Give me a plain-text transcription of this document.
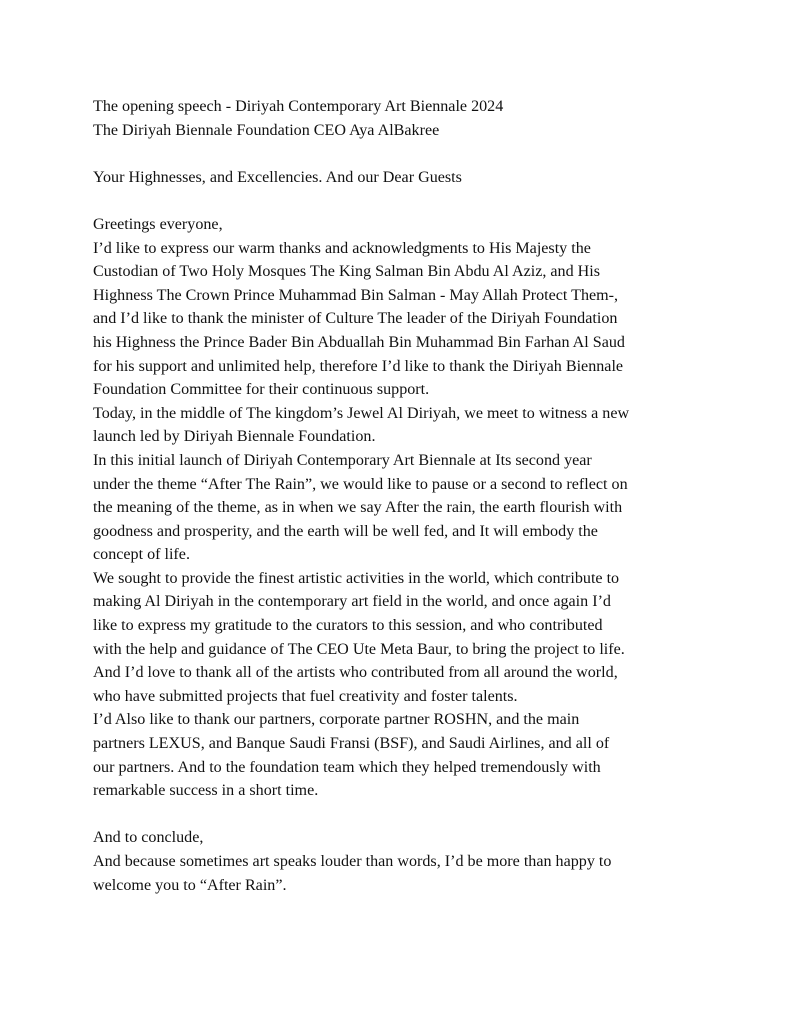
The opening speech - Diriyah Contemporary Art Biennale 2024
The Diriyah Biennale Foundation CEO Aya AlBakree
Your Highnesses, and Excellencies. And our Dear Guests
Greetings everyone,
I’d like to express our warm thanks and acknowledgments to His Majesty the
Custodian of Two Holy Mosques The King Salman Bin Abdu Al Aziz, and His
Highness The Crown Prince Muhammad Bin Salman - May Allah Protect Them-,
and I’d like to thank the minister of Culture The leader of the Diriyah Foundation
his Highness the Prince Bader Bin Abduallah Bin Muhammad Bin Farhan Al Saud
for his support and unlimited help, therefore I’d like to thank the Diriyah Biennale
Foundation Committee for their continuous support.
Today, in the middle of The kingdom’s Jewel Al Diriyah, we meet to witness a new
launch led by Diriyah Biennale Foundation.
In this initial launch of Diriyah Contemporary Art Biennale at Its second year
under the theme “After The Rain”, we would like to pause or a second to reflect on
the meaning of the theme, as in when we say After the rain, the earth flourish with
goodness and prosperity, and the earth will be well fed, and It will embody the
concept of life.
We sought to provide the finest artistic activities in the world, which contribute to
making Al Diriyah in the contemporary art field in the world, and once again I’d
like to express my gratitude to the curators to this session, and who contributed
with the help and guidance of The CEO Ute Meta Baur, to bring the project to life.
And I’d love to thank all of the artists who contributed from all around the world,
who have submitted projects that fuel creativity and foster talents.
I’d Also like to thank our partners, corporate partner ROSHN, and the main
partners LEXUS, and Banque Saudi Fransi (BSF), and Saudi Airlines, and all of
our partners. And to the foundation team which they helped tremendously with
remarkable success in a short time.
And to conclude,
And because sometimes art speaks louder than words, I’d be more than happy to
welcome you to “After Rain”.
